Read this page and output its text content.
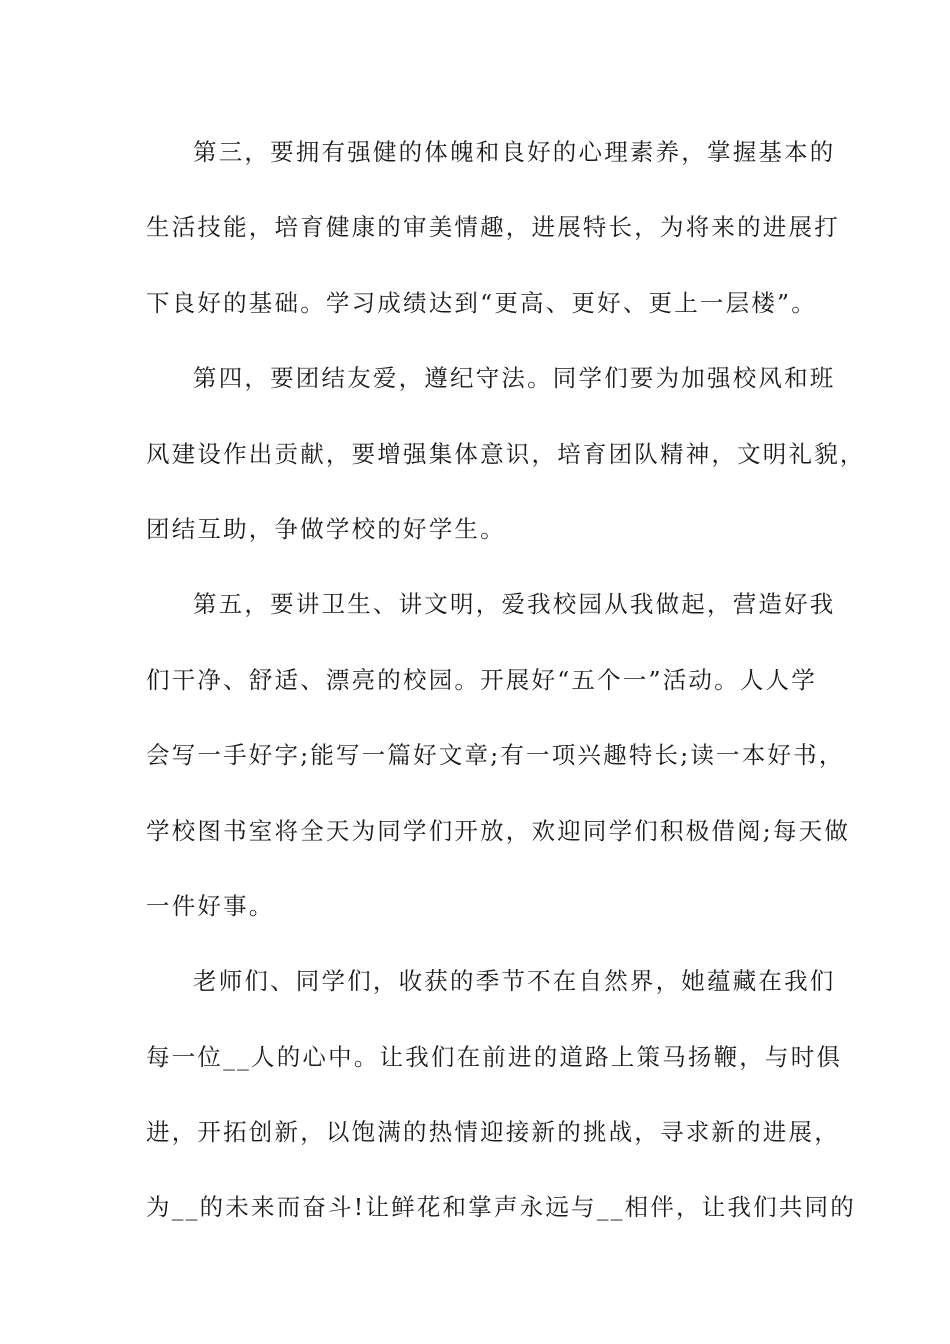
第三，要拥有强健的体魄和良好的心理素养，掌握基本的
生活技能，培育健康的审美情趣，进展特长，为将来的进展打
下良好的基础。学习成绩达到“更高、更好、更上一层楼”。
第四，要团结友爱，遵纪守法。同学们要为加强校风和班
风建设作出贡献，要增强集体意识，培育团队精神，文明礼貌，
团结互助，争做学校的好学生。
第五，要讲卫生、讲文明，爱我校园从我做起，营造好我
们干净、舒适、漂亮的校园。开展好“五个一”活动。人人学
会写一手好字;能写一篇好文章;有一项兴趣特长;读一本好书，
学校图书室将全天为同学们开放，欢迎同学们积极借阅;每天做
一件好事。
老师们、同学们，收获的季节不在自然界，她蕴藏在我们
每一位__人的心中。让我们在前进的道路上策马扬鞭，与时俱
进，开拓创新，以饱满的热情迎接新的挑战，寻求新的进展，
为__的未来而奋斗!让鲜花和掌声永远与__相伴，让我们共同的
